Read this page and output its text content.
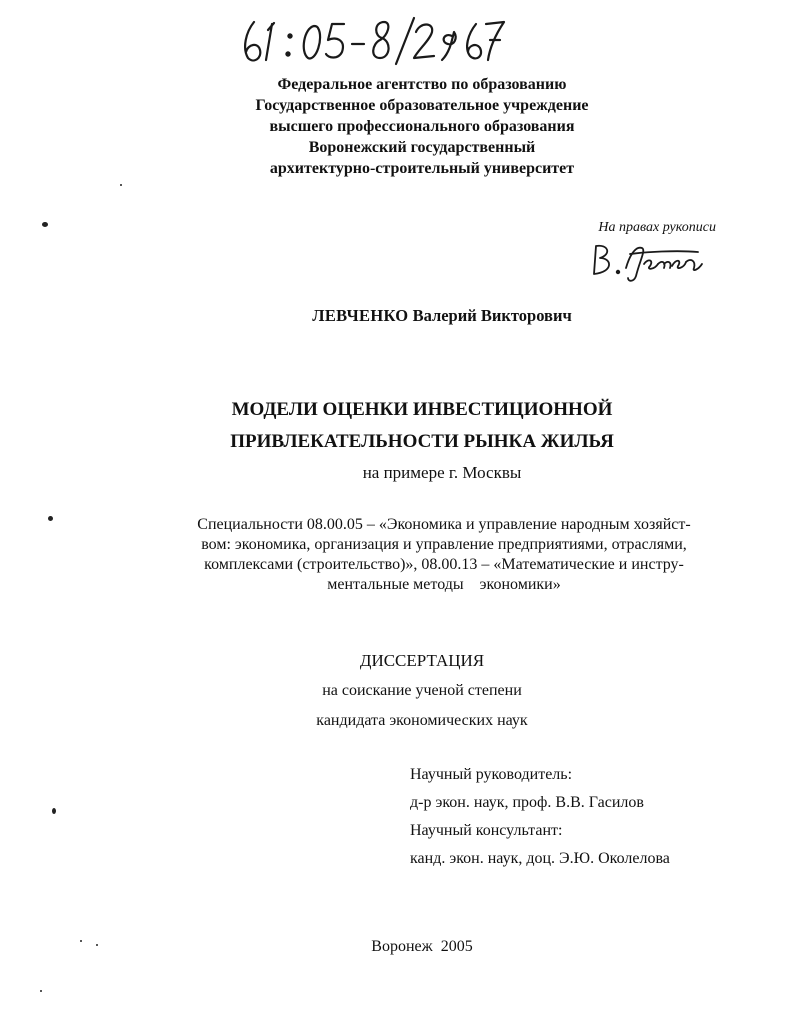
Федеральное агентство по образованию
Государственное образовательное учреждение
высшего профессионального образования
Воронежский государственный
архитектурно-строительный университет
На правах рукописи
ЛЕВЧЕНКО Валерий Викторович
МОДЕЛИ ОЦЕНКИ ИНВЕСТИЦИОННОЙ
ПРИВЛЕКАТЕЛЬНОСТИ РЫНКА ЖИЛЬЯ
на примере г. Москвы
Специальности 08.00.05 – «Экономика и управление народным хозяйст-
вом: экономика, организация и управление предприятиями, отраслями,
комплексами (строительство)», 08.00.13 – «Математические и инстру-
ментальные методы    экономики»
ДИССЕРТАЦИЯ
на соискание ученой степени
кандидата экономических наук
Научный руководитель:
д-р экон. наук, проф. В.В. Гасилов
Научный консультант:
канд. экон. наук, доц. Э.Ю. Околелова
Воронеж  2005
